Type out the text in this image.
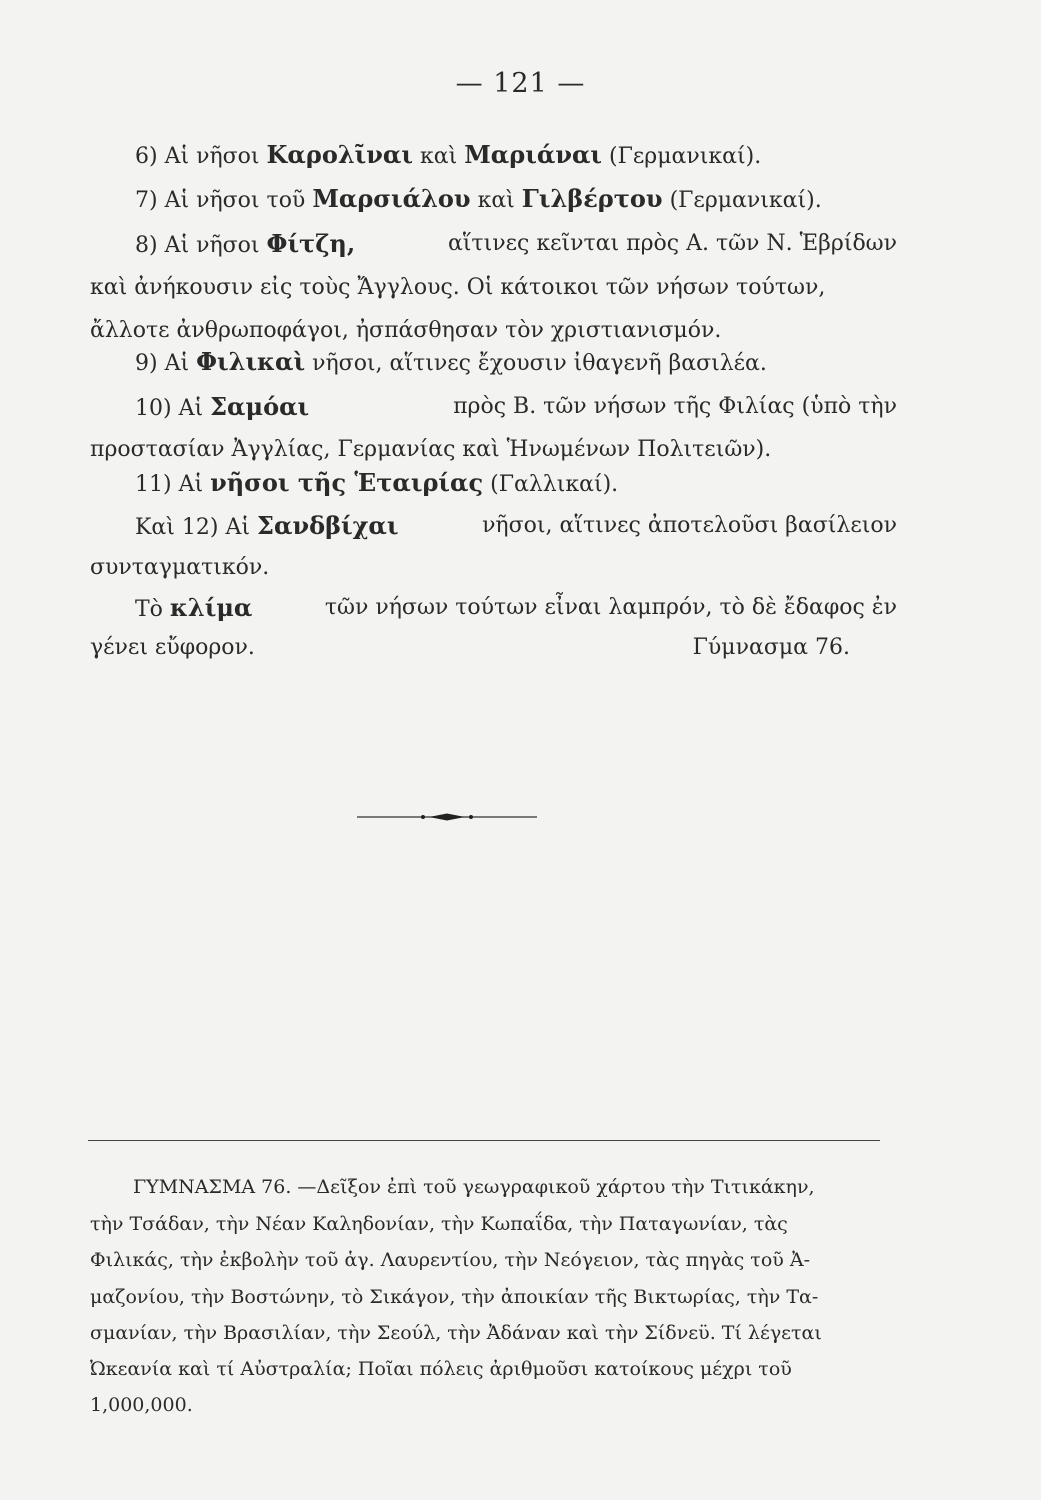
— 121 —
6) Αἱ νῆσοι Καρολῖναι καὶ Μαριάναι (Γερμανικαί).
7) Αἱ νῆσοι τοῦ Μαρσιάλου καὶ Γιλβέρτου (Γερμανικαί).
8) Αἱ νῆσοι Φίτζη,	αἵτινες κεῖνται πρὸς Α. τῶν Ν. Ἑβρίδων
καὶ ἀνήκουσιν εἰς τοὺς Ἄγγλους. Οἱ κάτοικοι τῶν νήσων τούτων,
ἄλλοτε ἀνθρωποφάγοι, ἠσπάσθησαν τὸν χριστιανισμόν.
9) Αἱ Φιλικαὶ νῆσοι, αἵτινες ἔχουσιν ἰθαγενῆ βασιλέα.
10) Αἱ Σαμόαι	πρὸς Β. τῶν νήσων τῆς Φιλίας (ὑπὸ τὴν
προστασίαν Ἀγγλίας, Γερμανίας καὶ Ἡνωμένων Πολιτειῶν).
11) Αἱ νῆσοι τῆς Ἑταιρίας (Γαλλικαί).
Καὶ 12) Αἱ Σανδβίχαι	νῆσοι, αἵτινες ἀποτελοῦσι βασίλειον
συνταγματικόν.
Τὸ κλίμα	τῶν νήσων τούτων εἶναι λαμπρόν, τὸ δὲ ἔδαφος ἐν
γένει εὔφορον.	Γύμνασμα 76.
ΓΥΜΝΑΣΜΑ 76. —Δεῖξον ἐπὶ τοῦ γεωγραφικοῦ χάρτου τὴν Τιτικάκην,
τὴν Τσάδαν, τὴν Νέαν Καληδονίαν, τὴν Κωπαΐδα, τὴν Παταγωνίαν, τὰς
Φιλικάς, τὴν ἐκβολὴν τοῦ ἁγ. Λαυρεντίου, τὴν Νεόγειον, τὰς πηγὰς τοῦ Ἀ-
μαζονίου, τὴν Βοστώνην, τὸ Σικάγον, τὴν ἀποικίαν τῆς Βικτωρίας, τὴν Τα-
σμανίαν, τὴν Βρασιλίαν, τὴν Σεούλ, τὴν Ἀδάναν καὶ τὴν Σίδνεϋ. Τί λέγεται
Ὠκεανία καὶ τί Αὐστραλία; Ποῖαι πόλεις ἀριθμοῦσι κατοίκους μέχρι τοῦ
1,000,000.
